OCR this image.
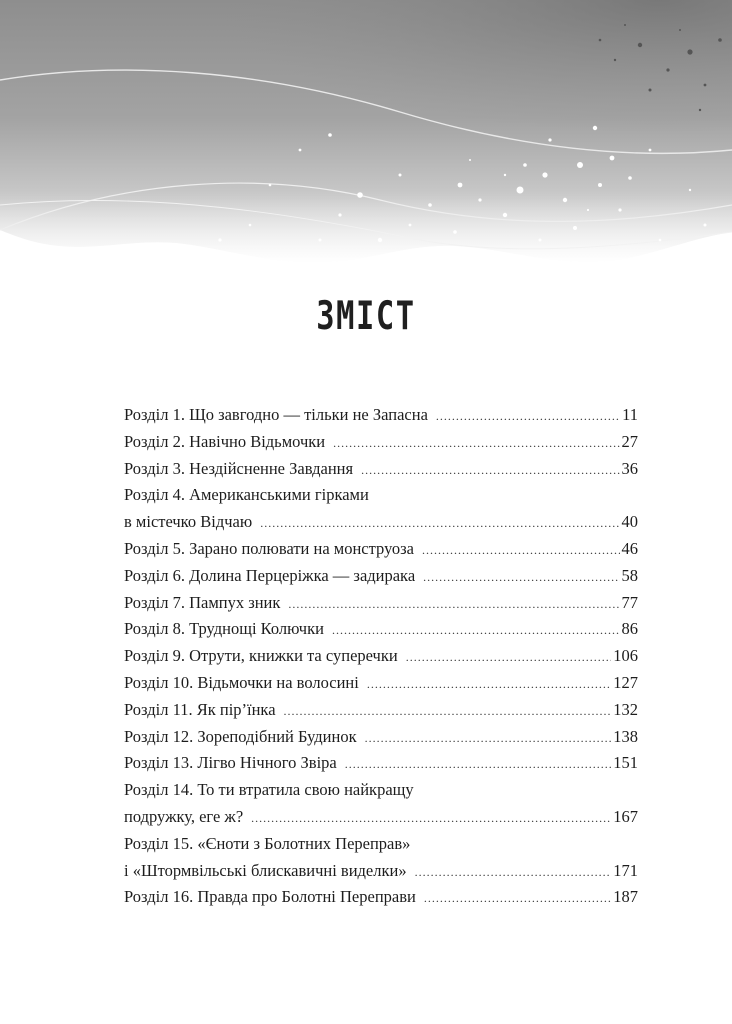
ЗМІСТ
Розділ 1. Що завгодно — тільки не Запасна .....	11
Розділ 2. Навічно Відьмочки .....	27
Розділ 3. Нездійсненне Завдання .....	36
Розділ 4. Американськими гірками
в містечко Відчаю .....	40
Розділ 5. Зарано полювати на монструоза .....	46
Розділ 6. Долина Перцеріжка — задирака .....	58
Розділ 7. Пампух зник .....	77
Розділ 8. Труднощі Колючки .....	86
Розділ 9. Отрути, книжки та суперечки .....	106
Розділ 10. Відьмочки на волосині .....	127
Розділ 11. Як пір’їнка .....	132
Розділ 12. Зореподібний Будинок .....	138
Розділ 13. Лігво Нічного Звіра .....	151
Розділ 14. То ти втратила свою найкращу
подружку, еге ж? .....	167
Розділ 15. «Єноти з Болотних Переправ»
і «Штормвільські блискавичні виделки» .....	171
Розділ 16. Правда про Болотні Переправи .....	187
